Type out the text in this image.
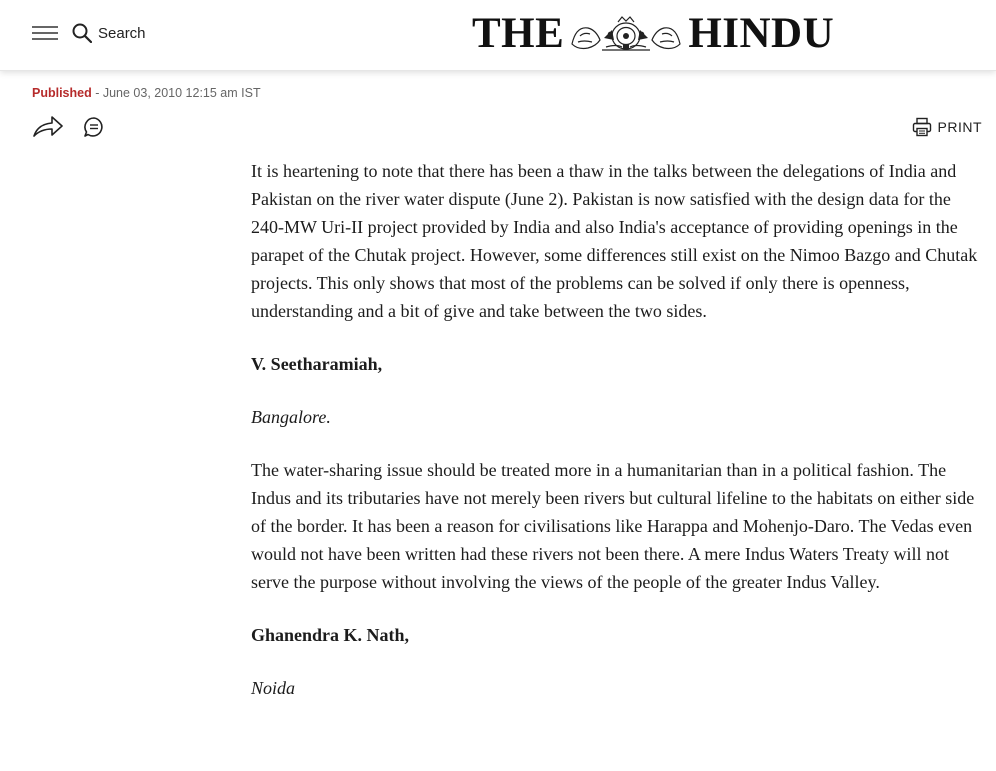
Search	THE	HINDU
Published - June 03, 2010 12:15 am IST
PRINT

It is heartening to note that there has been a thaw in the talks between the delegations of India and Pakistan on the river water dispute (June 2). Pakistan is now satisfied with the design data for the 240-MW Uri-II project provided by India and also India's acceptance of providing openings in the parapet of the Chutak project. However, some differences still exist on the Nimoo Bazgo and Chutak projects. This only shows that most of the problems can be solved if only there is openness, understanding and a bit of give and take between the two sides.

V. Seetharamiah,

Bangalore.

The water-sharing issue should be treated more in a humanitarian than in a political fashion. The Indus and its tributaries have not merely been rivers but cultural lifeline to the habitats on either side of the border. It has been a reason for civilisations like Harappa and Mohenjo-Daro. The Vedas even would not have been written had these rivers not been there. A mere Indus Waters Treaty will not serve the purpose without involving the views of the people of the greater Indus Valley.

Ghanendra K. Nath,

Noida
